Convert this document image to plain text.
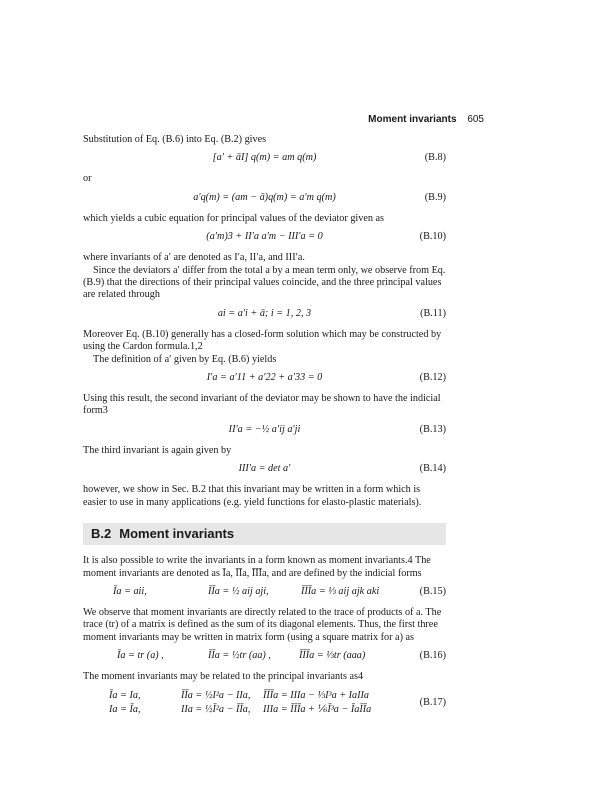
Moment invariants 605

Substitution of Eq. (B.6) into Eq. (B.2) gives

[a′ + āI] q(m) = am q(m)	(B.8)

or

a′q(m) = (am − ā)q(m) = a′m q(m)	(B.9)

which yields a cubic equation for principal values of the deviator given as

(a′m)3 + II′a a′m − III′a = 0	(B.10)

where invariants of a′ are denoted as I′a, II′a, and III′a.

Since the deviators a′ differ from the total a by a mean term only, we observe from Eq. (B.9) that the directions of their principal values coincide, and the three principal values are related through

ai = a′i + ā; i = 1, 2, 3	(B.11)

Moreover Eq. (B.10) generally has a closed-form solution which may be constructed by using the Cardon formula.1,2

The definition of a′ given by Eq. (B.6) yields

I′a = a′11 + a′22 + a′33 = 0	(B.12)

Using this result, the second invariant of the deviator may be shown to have the indicial form3

II′a = −½ a′ij a′ji	(B.13)

The third invariant is again given by

III′a = det a′	(B.14)

however, we show in Sec. B.2 that this invariant may be written in a form which is easier to use in many applications (e.g. yield functions for elasto-plastic materials).

B.2 Moment invariants

It is also possible to write the invariants in a form known as moment invariants.4 The moment invariants are denoted as Īa, ĪĪa, ĪĪĪa, and are defined by the indicial forms

Īa = aii,	ĪĪa = ½ aij aji,	ĪĪĪa = ⅓ aij ajk aki	(B.15)

We observe that moment invariants are directly related to the trace of products of a. The trace (tr) of a matrix is defined as the sum of its diagonal elements. Thus, the first three moment invariants may be written in matrix form (using a square matrix for a) as

Īa = tr (a) ,	ĪĪa = ½tr (aa) ,	ĪĪĪa = ⅓tr (aaa)	(B.16)

The moment invariants may be related to the principal invariants as4

Īa = Ia,	ĪĪa = ½I²a − IIa, ĪĪĪa = IIIa − ⅓I³a + IaIIa
Ia = Īa,	IIa = ½Ī²a − ĪĪa, IIIa = ĪĪĪa + ⅙Ī³a − ĪaĪĪa
(B.17)
